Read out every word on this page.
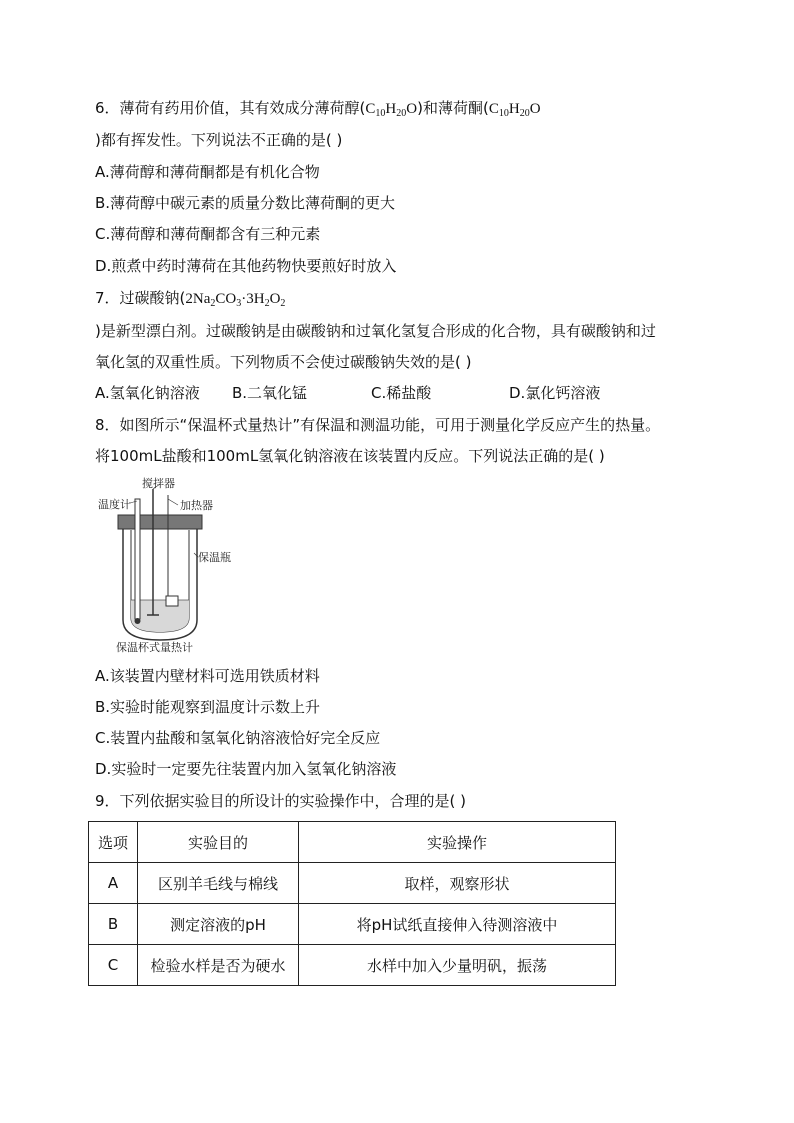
6．薄荷有药用价值，其有效成分薄荷醇$(C_{10}H_{20}O)$和薄荷酮($C_{10}H_{20}O$
)都有挥发性。下列说法不正确的是( )
A.薄荷醇和薄荷酮都是有机化合物
B.薄荷醇中碳元素的质量分数比薄荷酮的更大
C.薄荷醇和薄荷酮都含有三种元素
D.煎煮中药时薄荷在其他药物快要煎好时放入
7．过碳酸钠($2Na_2CO_3\cdot 3H_2O_2$
)是新型漂白剂。过碳酸钠是由碳酸钠和过氧化氢复合形成的化合物，具有碳酸钠和过
氧化氢的双重性质。下列物质不会使过碳酸钠失效的是( )
A.氢氧化钠溶液 B.二氧化锰	C.稀盐酸	D.氯化钙溶液
8．如图所示“保温杯式量热计”有保温和测温功能，可用于测量化学反应产生的热量。
将100mL盐酸和100mL氢氧化钠溶液在该装置内反应。下列说法正确的是( )
搅拌器
温度计	加热器
保温瓶
保温杯式量热计
A.该装置内壁材料可选用铁质材料
B.实验时能观察到温度计示数上升
C.装置内盐酸和氢氧化钠溶液恰好完全反应
D.实验时一定要先往装置内加入氢氧化钠溶液
9．下列依据实验目的所设计的实验操作中，合理的是( )
选项	实验目的	实验操作
A	区别羊毛线与棉线	取样，观察形状
B	测定溶液的pH	将pH试纸直接伸入待测溶液中
C	检验水样是否为硬水	水样中加入少量明矾，振荡
